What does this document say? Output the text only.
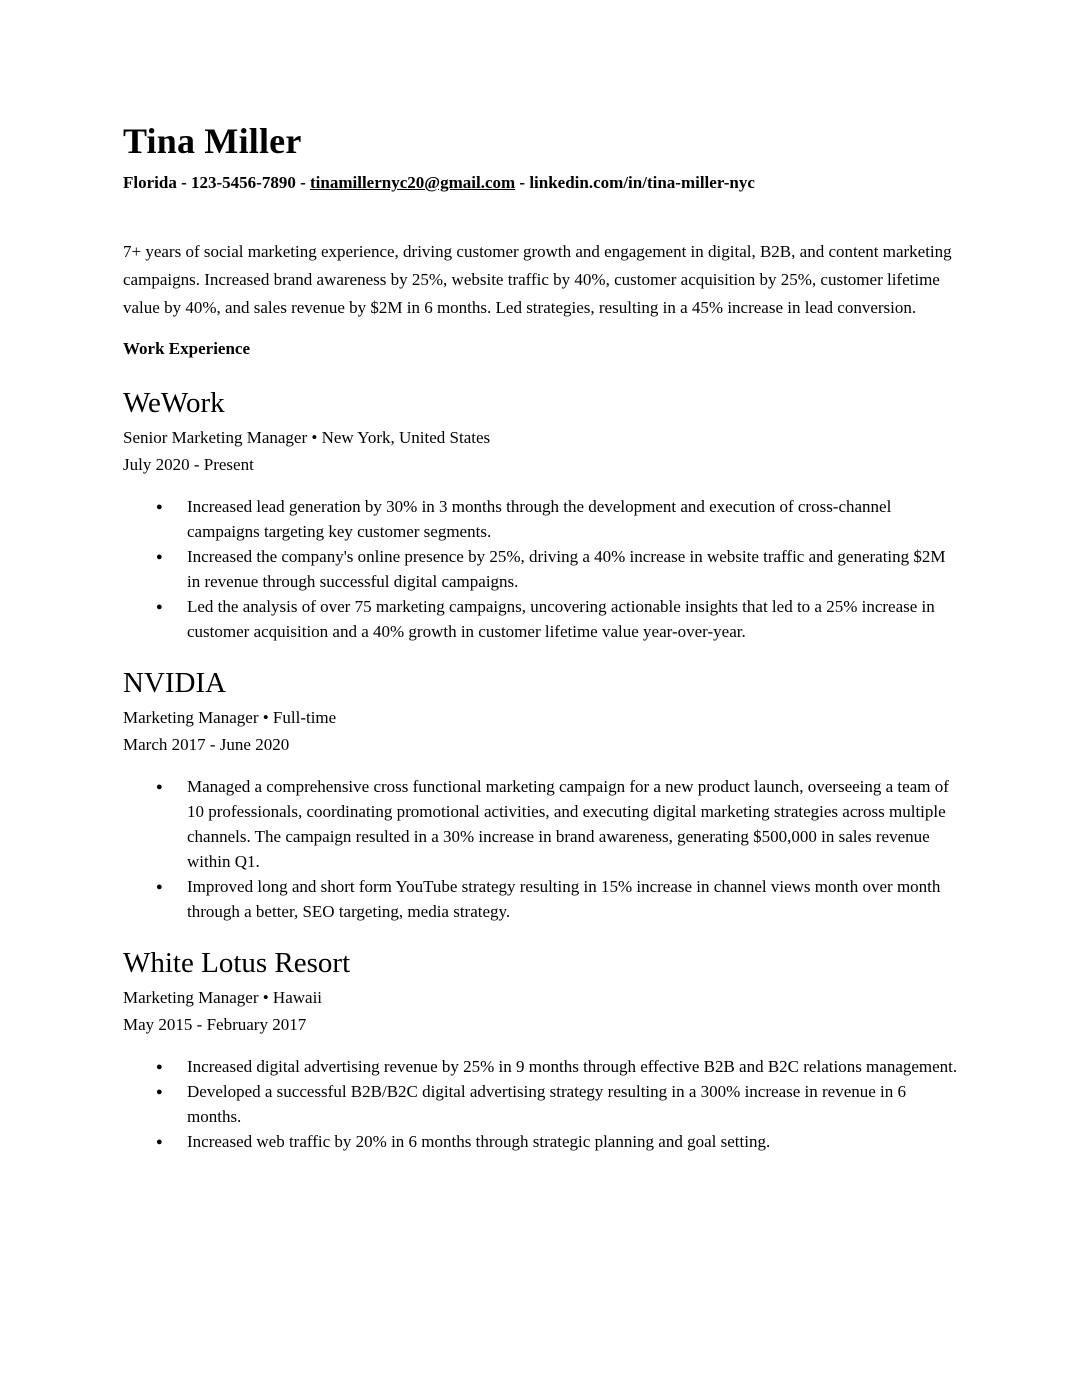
Tina Miller

Florida - 123-5456-7890 - tinamillernyc20@gmail.com - linkedin.com/in/tina-miller-nyc

7+ years of social marketing experience, driving customer growth and engagement in digital, B2B, and content marketing campaigns. Increased brand awareness by 25%, website traffic by 40%, customer acquisition by 25%, customer lifetime value by 40%, and sales revenue by $2M in 6 months. Led strategies, resulting in a 45% increase in lead conversion.

Work Experience
WeWork

Senior Marketing Manager • New York, United States

July 2020 - Present

● Increased lead generation by 30% in 3 months through the development and execution of cross-channel campaigns targeting key customer segments.
● Increased the company's online presence by 25%, driving a 40% increase in website traffic and generating $2M in revenue through successful digital campaigns.
● Led the analysis of over 75 marketing campaigns, uncovering actionable insights that led to a 25% increase in customer acquisition and a 40% growth in customer lifetime value year-over-year.
NVIDIA

Marketing Manager • Full-time

March 2017 - June 2020

● Managed a comprehensive cross functional marketing campaign for a new product launch, overseeing a team of 10 professionals, coordinating promotional activities, and executing digital marketing strategies across multiple channels. The campaign resulted in a 30% increase in brand awareness, generating $500,000 in sales revenue within Q1.
● Improved long and short form YouTube strategy resulting in 15% increase in channel views month over month through a better, SEO targeting, media strategy.
White Lotus Resort

Marketing Manager • Hawaii

May 2015 - February 2017

● Increased digital advertising revenue by 25% in 9 months through effective B2B and B2C relations management.
● Developed a successful B2B/B2C digital advertising strategy resulting in a 300% increase in revenue in 6 months.
● Increased web traffic by 20% in 6 months through strategic planning and goal setting.
